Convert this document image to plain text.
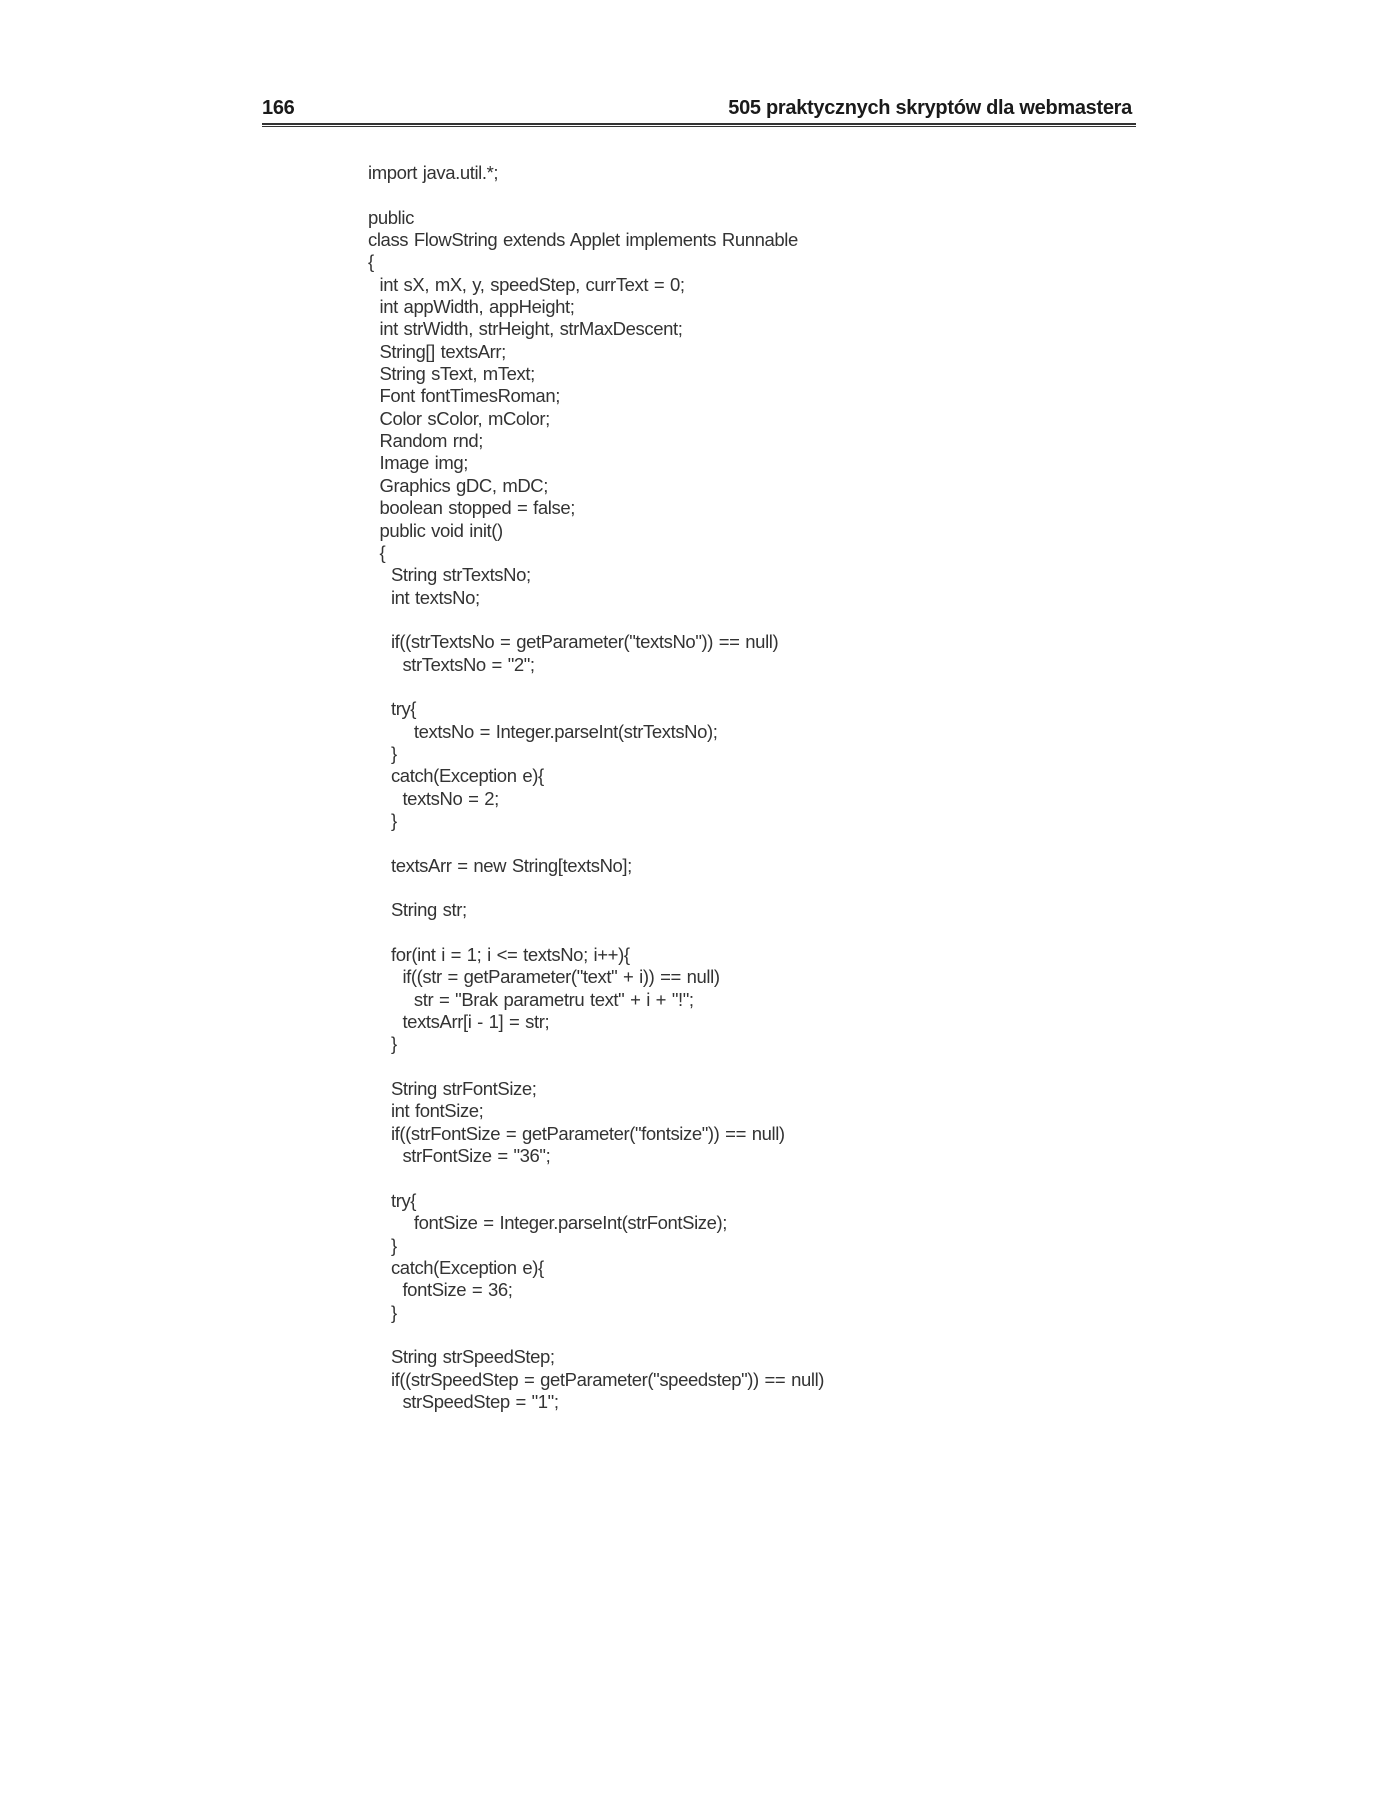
166	505 praktycznych skryptów dla webmastera
import java.util.*;
public
class FlowString extends Applet implements Runnable
{
int sX, mX, y, speedStep, currText = 0;
int appWidth, appHeight;
int strWidth, strHeight, strMaxDescent;
String[] textsArr;
String sText, mText;
Font fontTimesRoman;
Color sColor, mColor;
Random rnd;
Image img;
Graphics gDC, mDC;
boolean stopped = false;
public void init()
{
String strTextsNo;
int textsNo;
if((strTextsNo = getParameter("textsNo")) == null)
strTextsNo = "2";
try{
textsNo = Integer.parseInt(strTextsNo);
}
catch(Exception e){
textsNo = 2;
}
textsArr = new String[textsNo];
String str;
for(int i = 1; i <= textsNo; i++){
if((str = getParameter("text" + i)) == null)
str = "Brak parametru text" + i + "!";
textsArr[i - 1] = str;
}
String strFontSize;
int fontSize;
if((strFontSize = getParameter("fontsize")) == null)
strFontSize = "36";
try{
fontSize = Integer.parseInt(strFontSize);
}
catch(Exception e){
fontSize = 36;
}
String strSpeedStep;
if((strSpeedStep = getParameter("speedstep")) == null)
strSpeedStep = "1";
